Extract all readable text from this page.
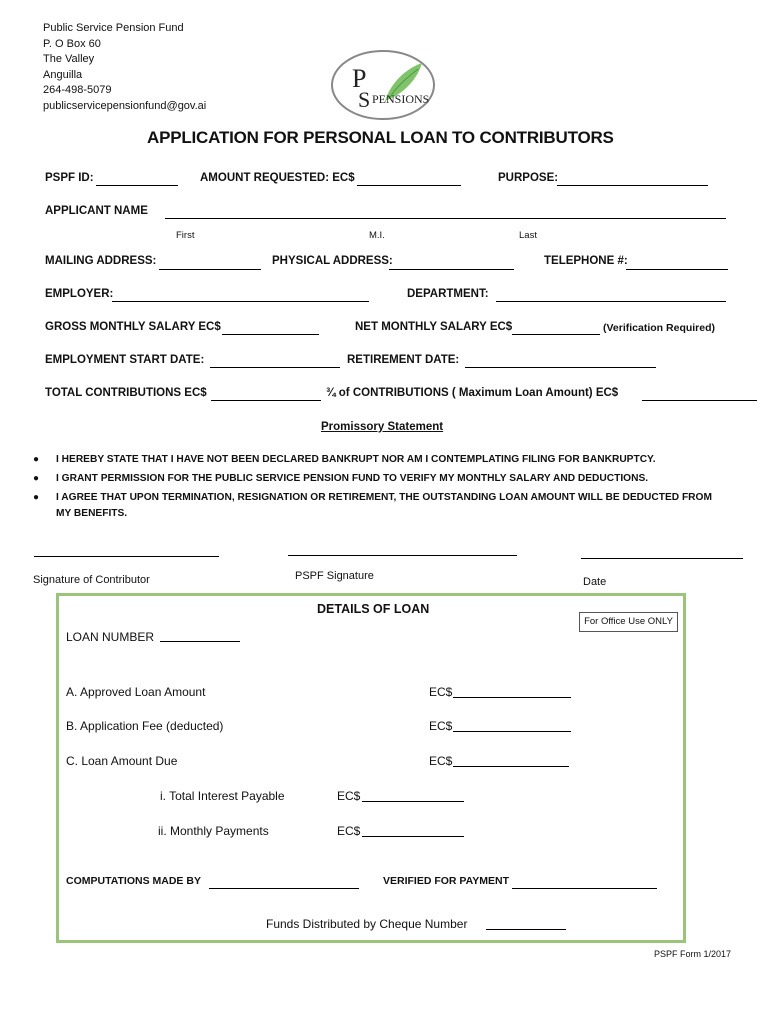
Public Service Pension Fund
P. O Box 60
The Valley
Anguilla
264-498-5079
publicservicepensionfund@gov.ai
P
S PENSIONS
APPLICATION FOR PERSONAL LOAN TO CONTRIBUTORS
PSPF ID:	AMOUNT REQUESTED: EC$	PURPOSE:
APPLICANT NAME
First	M.I.	Last
MAILING ADDRESS:	PHYSICAL ADDRESS:	TELEPHONE #:
EMPLOYER:	DEPARTMENT:
GROSS MONTHLY SALARY EC$	NET MONTHLY SALARY EC$	(Verification Required)
EMPLOYMENT START DATE:	RETIREMENT DATE:
TOTAL CONTRIBUTIONS EC$	¾ of CONTRIBUTIONS ( Maximum Loan Amount) EC$
Promissory Statement
● I HEREBY STATE THAT I HAVE NOT BEEN DECLARED BANKRUPT NOR AM I CONTEMPLATING FILING FOR BANKRUPTCY.
● I GRANT PERMISSION FOR THE PUBLIC SERVICE PENSION FUND TO VERIFY MY MONTHLY SALARY AND DEDUCTIONS.
● I AGREE THAT UPON TERMINATION, RESIGNATION OR RETIREMENT, THE OUTSTANDING LOAN AMOUNT WILL BE DEDUCTED FROM
MY BENEFITS.
Signature of Contributor	PSPF Signature	Date
DETAILS OF LOAN
For Office Use ONLY
LOAN NUMBER
A. Approved Loan Amount	EC$
B. Application Fee (deducted)	EC$
C. Loan Amount Due	EC$
i. Total Interest Payable	EC$
ii. Monthly Payments	EC$
COMPUTATIONS MADE BY	VERIFIED FOR PAYMENT
Funds Distributed by Cheque Number
PSPF Form 1/2017
